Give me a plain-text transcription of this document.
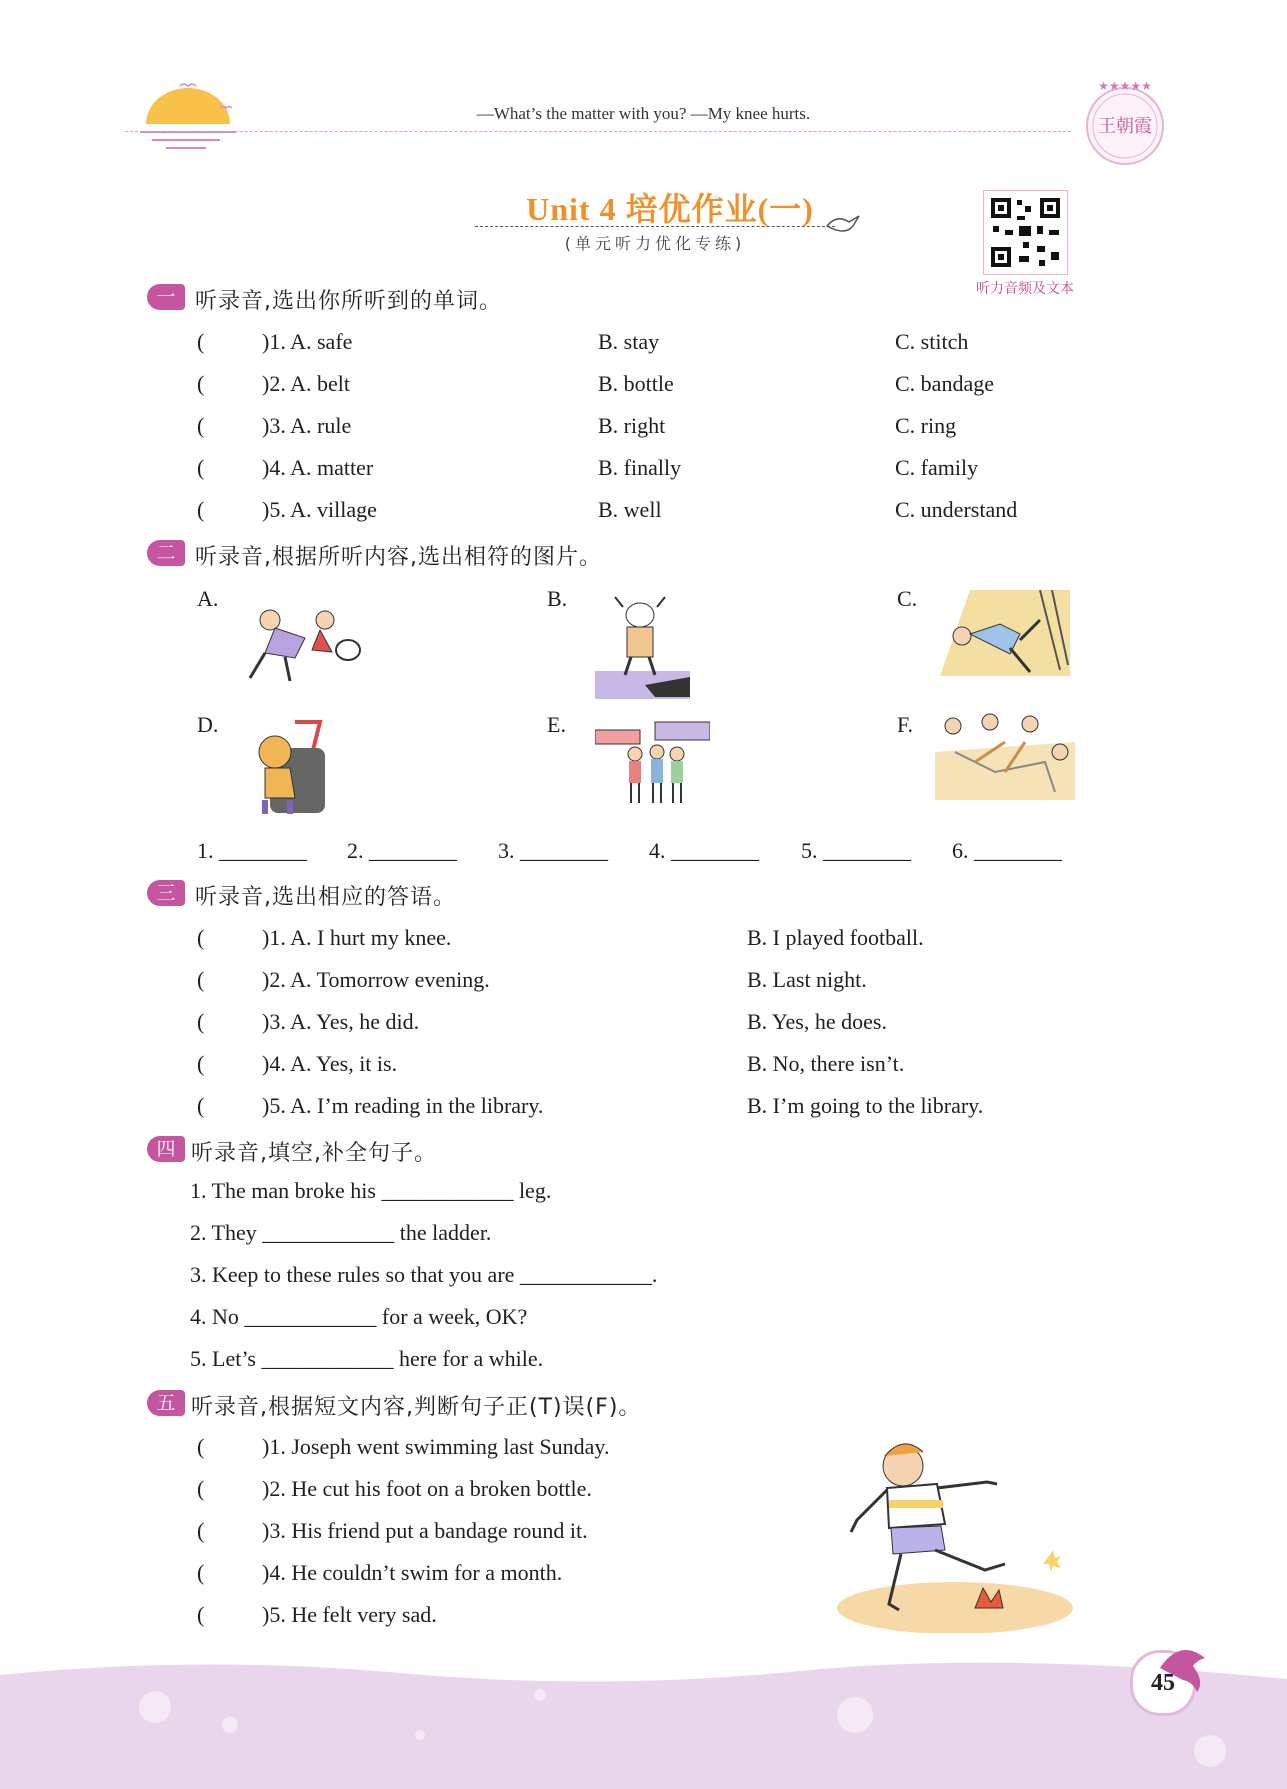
—What’s the matter with you? —My knee hurts.
王朝霞
★★★★★
Unit 4 培优作业(一)
(单元听力优化专练)
听力音频及文本
一 听录音,选出你所听到的单词。
(	)1. A. safe	B. stay	C. stitch
(	)2. A. belt	B. bottle	C. bandage
(	)3. A. rule	B. right	C. ring
(	)4. A. matter	B. finally	C. family
(	)5. A. village	B. well	C. understand
二 听录音,根据所听内容,选出相符的图片。
A.	B.	C.
D.	E.	F.
1. ________ 2. ________ 3. ________ 4. ________ 5. ________ 6. ________
三 听录音,选出相应的答语。
(	)1. A. I hurt my knee.	B. I played football.
(	)2. A. Tomorrow evening.	B. Last night.
(	)3. A. Yes, he did.	B. Yes, he does.
(	)4. A. Yes, it is.	B. No, there isn’t.
(	)5. A. I’m reading in the library.	B. I’m going to the library.
四 听录音,填空,补全句子。
1. The man broke his ____________ leg.
2. They ____________ the ladder.
3. Keep to these rules so that you are ____________.
4. No ____________ for a week, OK?
5. Let’s ____________ here for a while.
五 听录音,根据短文内容,判断句子正(T)误(F)。
(	)1. Joseph went swimming last Sunday.
(	)2. He cut his foot on a broken bottle.
(	)3. His friend put a bandage round it.
(	)4. He couldn’t swim for a month.
(	)5. He felt very sad.
45
